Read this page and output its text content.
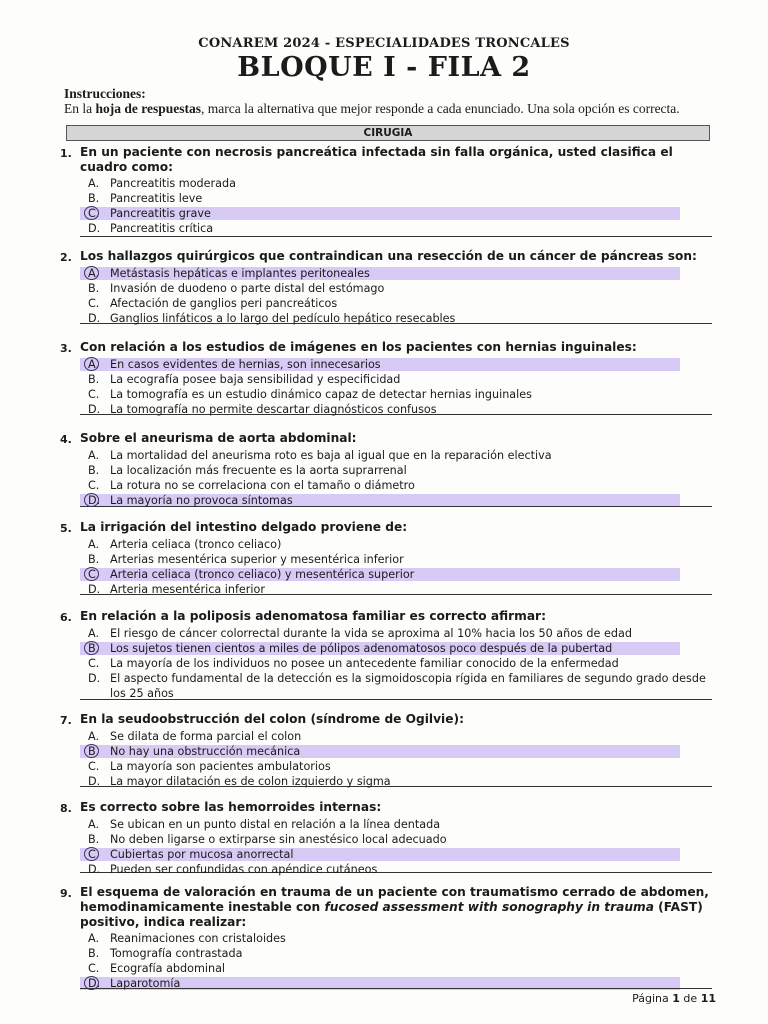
CONAREM 2024 - ESPECIALIDADES TRONCALES
BLOQUE I - FILA 2
Instrucciones:
En la hoja de respuestas, marca la alternativa que mejor responde a cada enunciado. Una sola opción es correcta.
CIRUGIA
1. En un paciente con necrosis pancreática infectada sin falla orgánica, usted clasifica el cuadro como:
A. Pancreatitis moderada
B. Pancreatitis leve
C. Pancreatitis grave
D. Pancreatitis crítica
2. Los hallazgos quirúrgicos que contraindican una resección de un cáncer de páncreas son:
A. Metástasis hepáticas e implantes peritoneales
B. Invasión de duodeno o parte distal del estómago
C. Afectación de ganglios peri pancreáticos
D. Ganglios linfáticos a lo largo del pedículo hepático resecables
3. Con relación a los estudios de imágenes en los pacientes con hernias inguinales:
A. En casos evidentes de hernias, son innecesarios
B. La ecografía posee baja sensibilidad y especificidad
C. La tomografía es un estudio dinámico capaz de detectar hernias inguinales
D. La tomografía no permite descartar diagnósticos confusos
4. Sobre el aneurisma de aorta abdominal:
A. La mortalidad del aneurisma roto es baja al igual que en la reparación electiva
B. La localización más frecuente es la aorta suprarrenal
C. La rotura no se correlaciona con el tamaño o diámetro
D. La mayoría no provoca síntomas
5. La irrigación del intestino delgado proviene de:
A. Arteria celiaca (tronco celiaco)
B. Arterias mesentérica superior y mesentérica inferior
C. Arteria celiaca (tronco celiaco) y mesentérica superior
D. Arteria mesentérica inferior
6. En relación a la poliposis adenomatosa familiar es correcto afirmar:
A. El riesgo de cáncer colorrectal durante la vida se aproxima al 10% hacia los 50 años de edad
B. Los sujetos tienen cientos a miles de pólipos adenomatosos poco después de la pubertad
C. La mayoría de los individuos no posee un antecedente familiar conocido de la enfermedad
D. El aspecto fundamental de la detección es la sigmoidoscopia rígida en familiares de segundo grado desde los 25 años
7. En la seudoobstrucción del colon (síndrome de Ogilvie):
A. Se dilata de forma parcial el colon
B. No hay una obstrucción mecánica
C. La mayoría son pacientes ambulatorios
D. La mayor dilatación es de colon izquierdo y sigma
8. Es correcto sobre las hemorroides internas:
A. Se ubican en un punto distal en relación a la línea dentada
B. No deben ligarse o extirparse sin anestésico local adecuado
C. Cubiertas por mucosa anorrectal
D. Pueden ser confundidas con apéndice cutáneos
9. El esquema de valoración en trauma de un paciente con traumatismo cerrado de abdomen, hemodinamicamente inestable con fucosed assessment with sonography in trauma (FAST) positivo, indica realizar:
A. Reanimaciones con cristaloides
B. Tomografía contrastada
C. Ecografía abdominal
D. Laparotomía
Página 1 de 11
